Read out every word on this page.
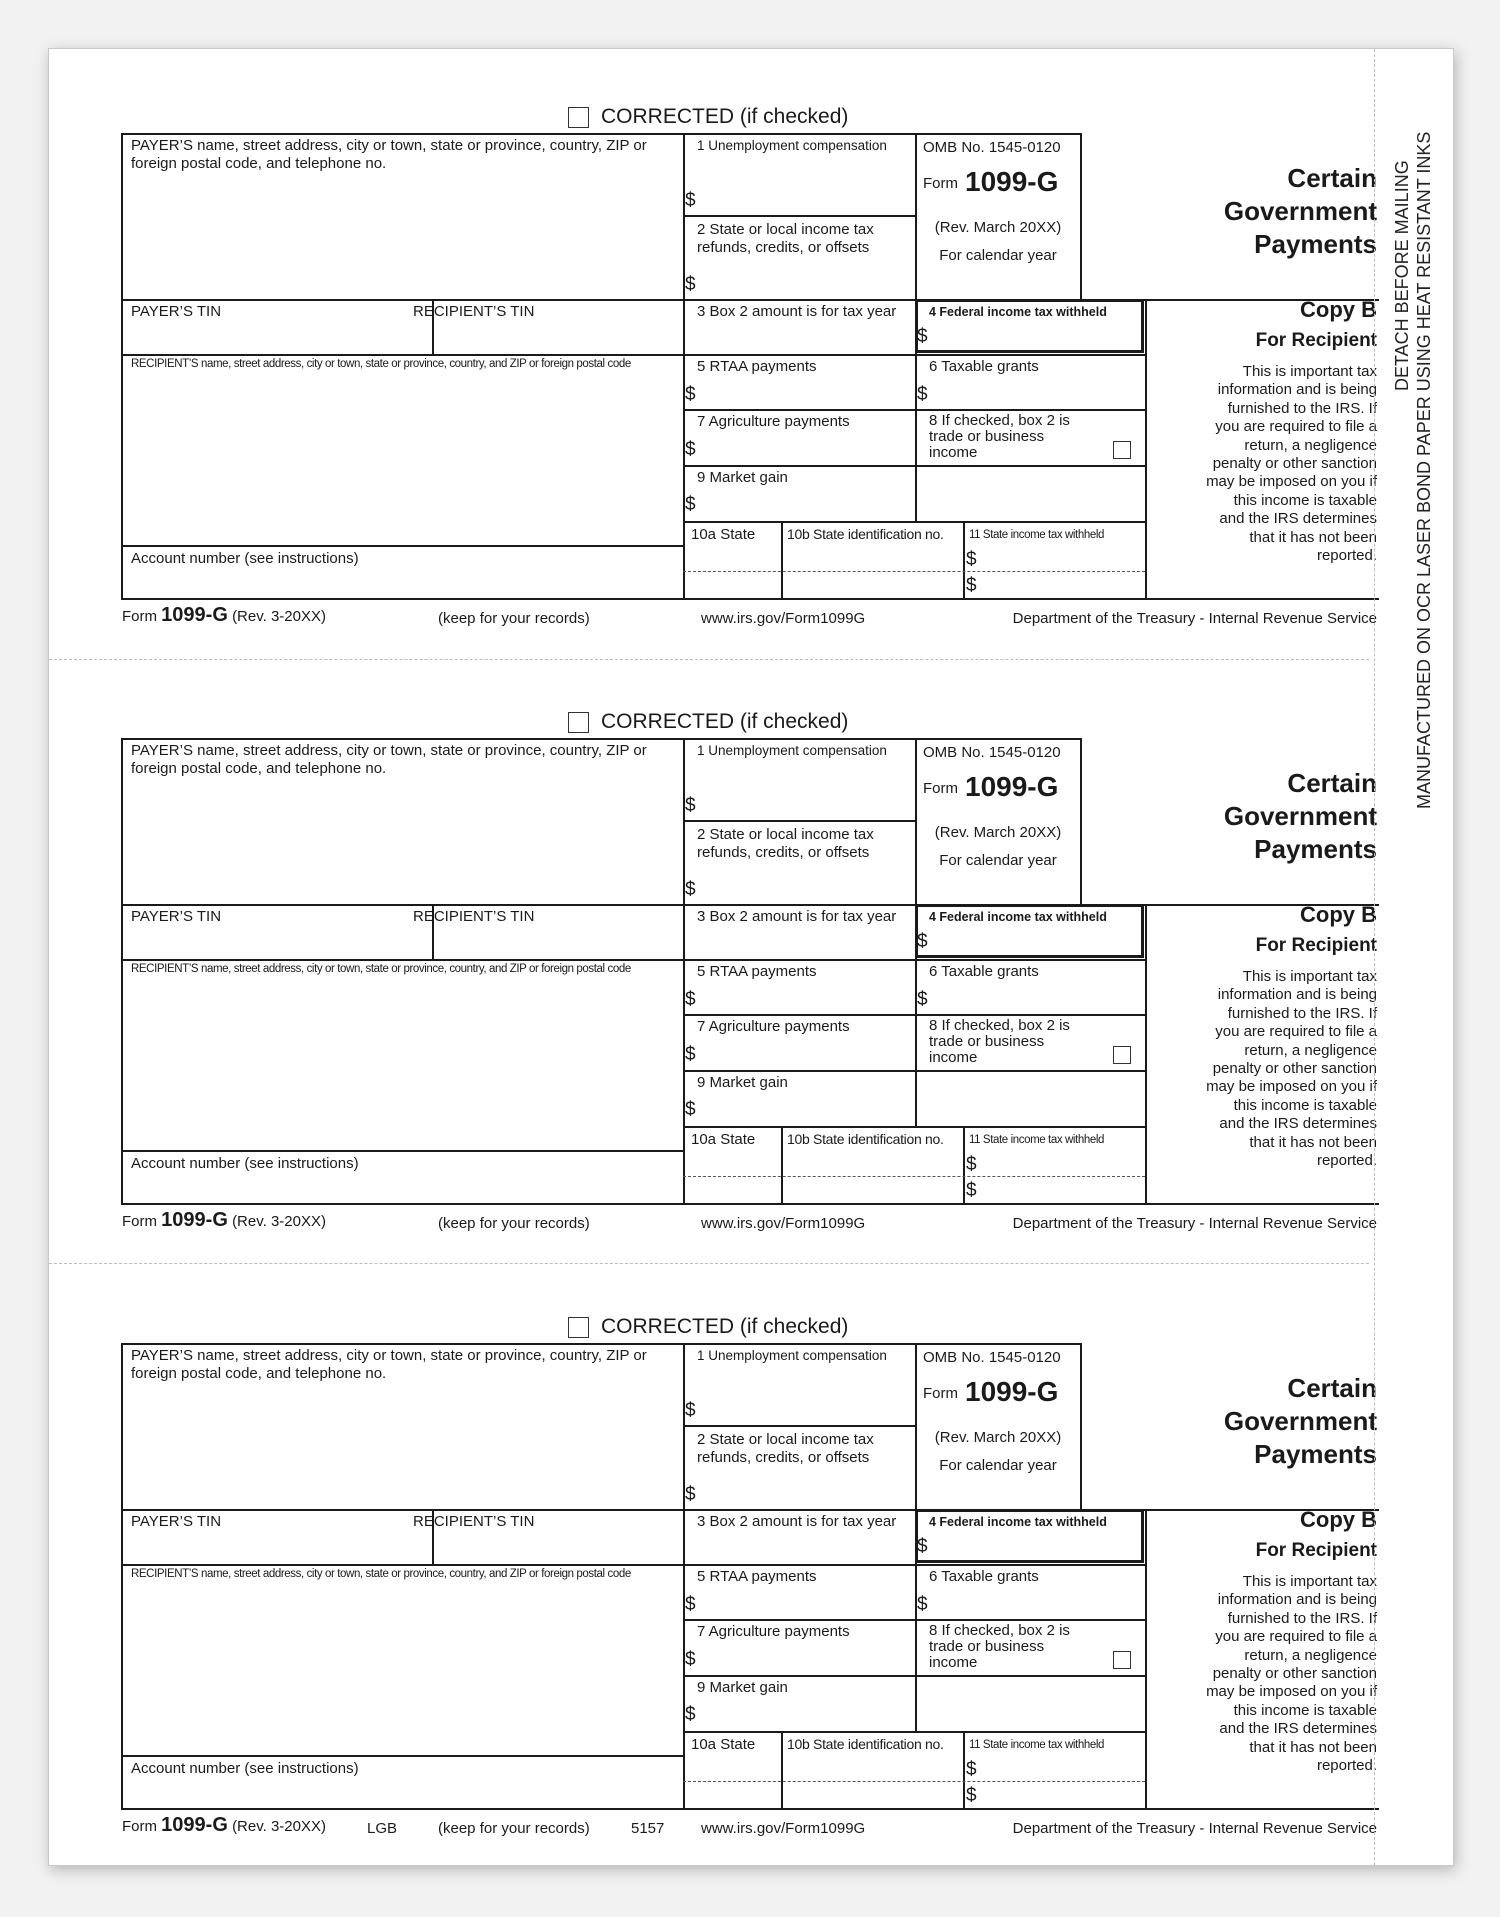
CORRECTED (if checked)
PAYER’S name, street address, city or town, state or province, country, ZIP or foreign postal code, and telephone no.
1 Unemployment compensation
$
2 State or local income tax refunds, credits, or offsets
$
OMB No. 1545-0120
Form 1099-G
(Rev. March 20XX)
For calendar year
Certain
Government
Payments
PAYER’S TIN	RECIPIENT’S TIN	3 Box 2 amount is for tax year	4 Federal income tax withheld
$
Copy B
For Recipient
This is important tax information and is being furnished to the IRS. If you are required to file a return, a negligence penalty or other sanction may be imposed on you if this income is taxable and the IRS determines that it has not been reported.
RECIPIENT’S name, street address, city or town, state or province, country, and ZIP or foreign postal code	5 RTAA payments
$
6 Taxable grants
$
7 Agriculture payments
$
8 If checked, box 2 is trade or business income
9 Market gain
$
10a State 10b State identification no.	11 State income tax withheld
$
$
Account number (see instructions)
Form 1099-G (Rev. 3-20XX)	(keep for your records)	www.irs.gov/Form1099G	Department of the Treasury - Internal Revenue Service
CORRECTED (if checked)
PAYER’S name, street address, city or town, state or province, country, ZIP or foreign postal code, and telephone no.
1 Unemployment compensation
$
2 State or local income tax refunds, credits, or offsets
$
OMB No. 1545-0120
Form 1099-G
(Rev. March 20XX)
For calendar year
Certain
Government
Payments
PAYER’S TIN	RECIPIENT’S TIN	3 Box 2 amount is for tax year	4 Federal income tax withheld
$
Copy B
For Recipient
This is important tax information and is being furnished to the IRS. If you are required to file a return, a negligence penalty or other sanction may be imposed on you if this income is taxable and the IRS determines that it has not been reported.
RECIPIENT’S name, street address, city or town, state or province, country, and ZIP or foreign postal code	5 RTAA payments
$
6 Taxable grants
$
7 Agriculture payments
$
8 If checked, box 2 is trade or business income
9 Market gain
$
10a State 10b State identification no.	11 State income tax withheld
$
$
Account number (see instructions)
Form 1099-G (Rev. 3-20XX)	(keep for your records)	www.irs.gov/Form1099G	Department of the Treasury - Internal Revenue Service
CORRECTED (if checked)
PAYER’S name, street address, city or town, state or province, country, ZIP or foreign postal code, and telephone no.
1 Unemployment compensation
$
2 State or local income tax refunds, credits, or offsets
$
OMB No. 1545-0120
Form 1099-G
(Rev. March 20XX)
For calendar year
Certain
Government
Payments
PAYER’S TIN	RECIPIENT’S TIN	3 Box 2 amount is for tax year	4 Federal income tax withheld
$
Copy B
For Recipient
This is important tax information and is being furnished to the IRS. If you are required to file a return, a negligence penalty or other sanction may be imposed on you if this income is taxable and the IRS determines that it has not been reported.
RECIPIENT’S name, street address, city or town, state or province, country, and ZIP or foreign postal code	5 RTAA payments
$
6 Taxable grants
$
7 Agriculture payments
$
8 If checked, box 2 is trade or business income
9 Market gain
$
10a State 10b State identification no.	11 State income tax withheld
$
$
Account number (see instructions)
Form 1099-G (Rev. 3-20XX)	LGB	(keep for your records)	5157 www.irs.gov/Form1099G	Department of the Treasury - Internal Revenue Service
DETACH BEFORE MAILING MANUFACTURED ON OCR LASER BOND PAPER USING HEAT RESISTANT INKS
